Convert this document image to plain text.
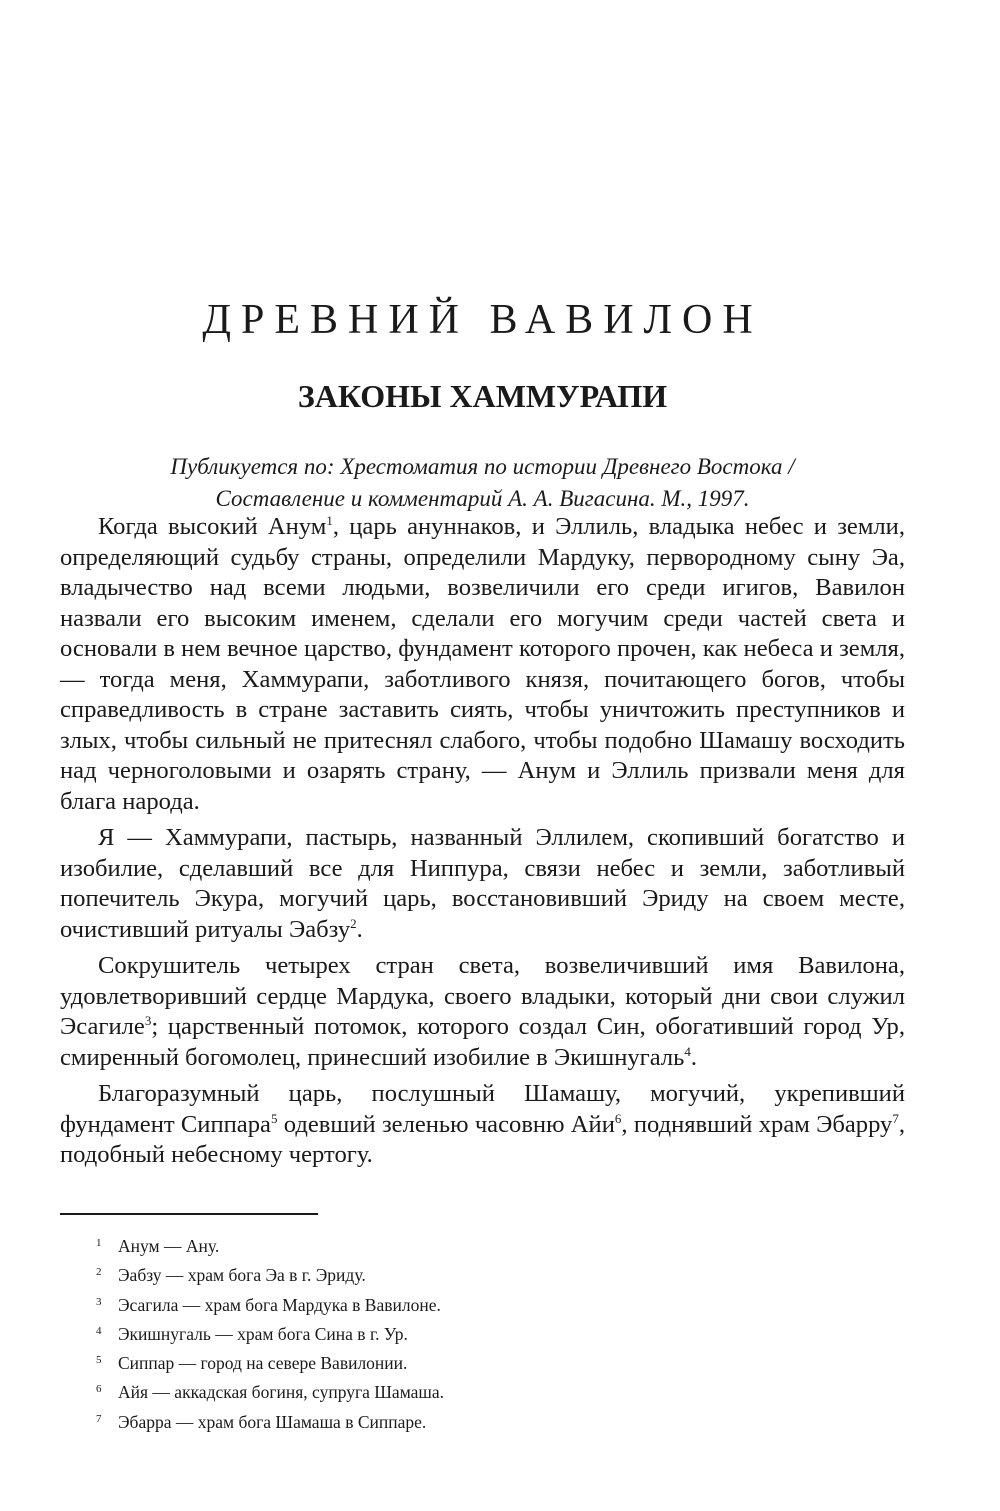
ДРЕВНИЙ ВАВИЛОН
ЗАКОНЫ ХАММУРАПИ
Публикуется по: Хрестоматия по истории Древнего Востока /
Составление и комментарий А. А. Вигасина. М., 1997.

Когда высокий Анум$^1$, царь ануннаков, и Эллиль, владыка небес и земли, определяющий судьбу страны, определили Мардуку, первородному сыну Эа, владычество над всеми людьми, возвеличили его среди игигов, Вавилон назвали его высоким именем, сделали его могучим среди частей света и основали в нем вечное царство, фундамент которого прочен, как небеса и земля, — тогда меня, Хаммурапи, заботливого князя, почитающего богов, чтобы справедливость в стране заставить сиять, чтобы уничтожить преступников и злых, чтобы сильный не притеснял слабого, чтобы подобно Шамашу восходить над черноголовыми и озарять страну, — Анум и Эллиль призвали меня для блага народа.

Я — Хаммурапи, пастырь, названный Эллилем, скопивший богатство и изобилие, сделавший все для Ниппура, связи небес и земли, заботливый попечитель Экура, могучий царь, восстановивший Эриду на своем месте, очистивший ритуалы Эабзу$^2$.

Сокрушитель четырех стран света, возвеличивший имя Вавилона, удовлетворивший сердце Мардука, своего владыки, который дни свои служил Эсагиле$^3$; царственный потомок, которого создал Син, обогативший город Ур, смиренный богомолец, принесший изобилие в Экишнугаль$^4$.

Благоразумный царь, послушный Шамашу, могучий, укрепивший фундамент Сиппара$^5$ одевший зеленью часовню Айи$^6$, поднявший храм Эбарру$^7$, подобный небесному чертогу.

1 Анум — Ану.
2 Эабзу — храм бога Эа в г. Эриду.
3 Эсагила — храм бога Мардука в Вавилоне.
4 Экишнугаль — храм бога Сина в г. Ур.
5 Сиппар — город на севере Вавилонии.
6 Айя — аккадская богиня, супруга Шамаша.
7 Эбарра — храм бога Шамаша в Сиппаре.
